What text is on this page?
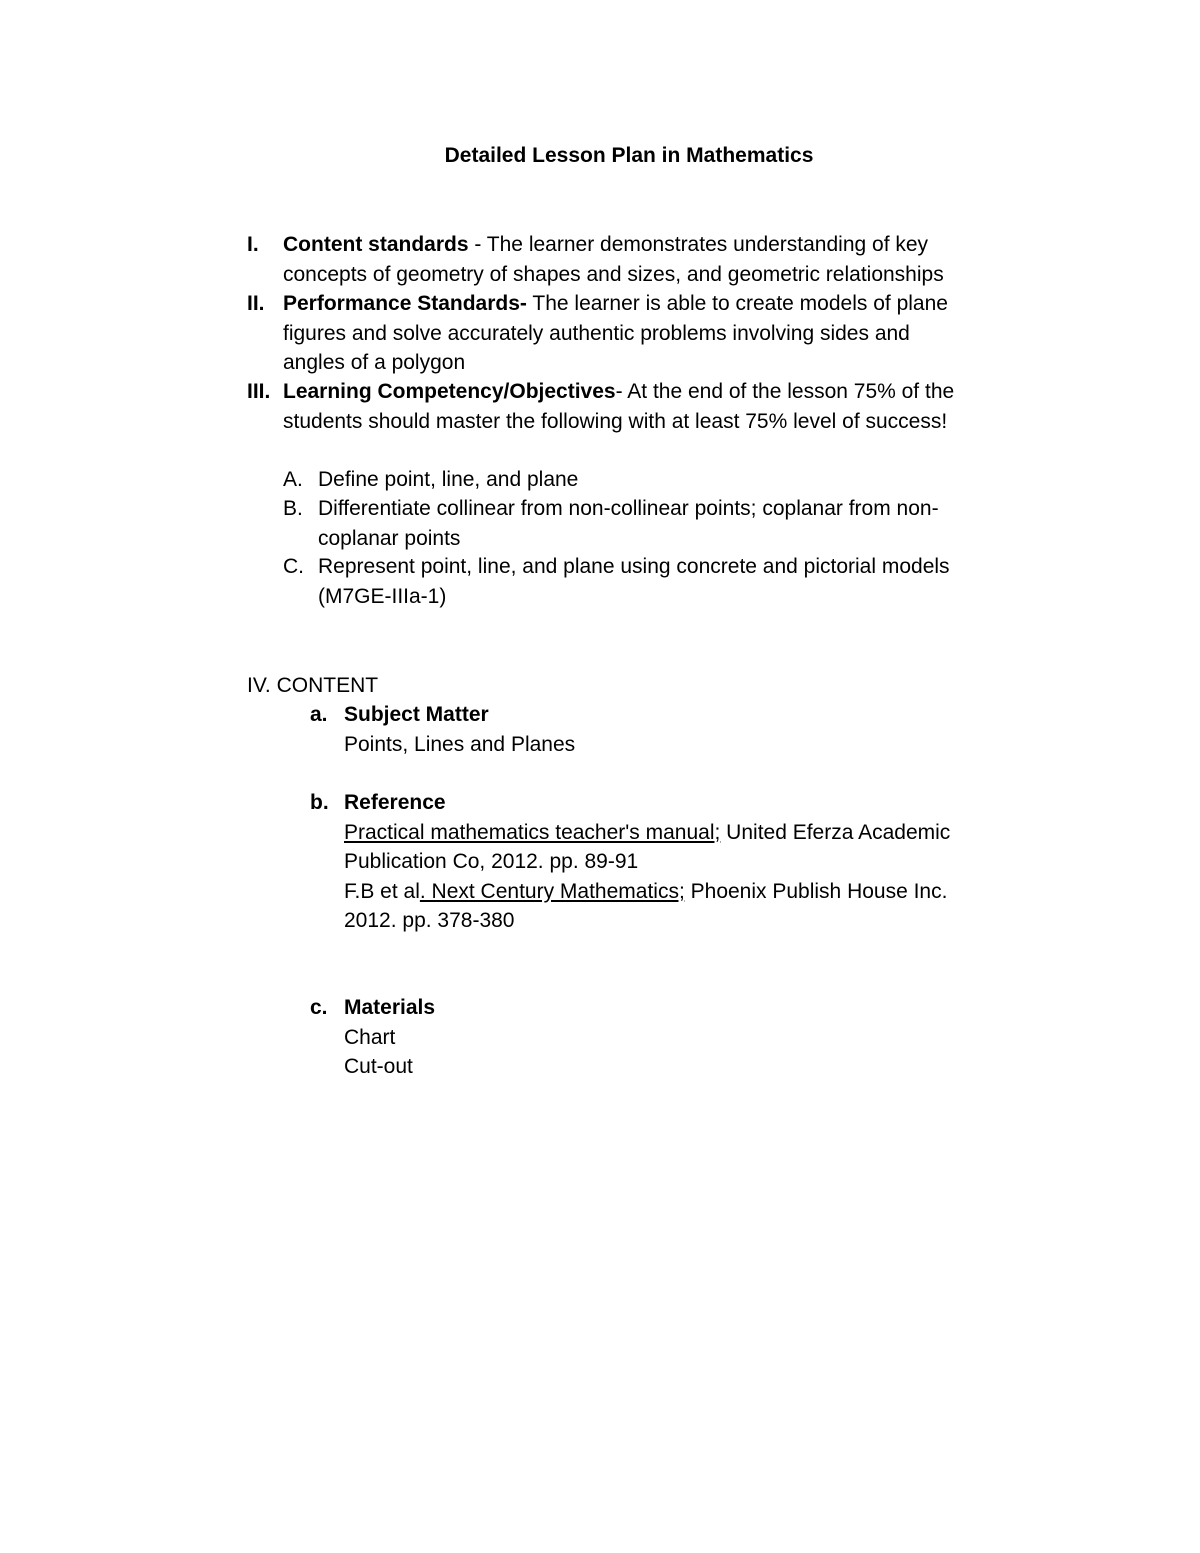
Detailed Lesson Plan in Mathematics
I. Content standards - The learner demonstrates understanding of key
concepts of geometry of shapes and sizes, and geometric relationships
II. Performance Standards- The learner is able to create models of plane
figures and solve accurately authentic problems involving sides and
angles of a polygon
III. Learning Competency/Objectives- At the end of the lesson 75% of the
students should master the following with at least 75% level of success!
A. Define point, line, and plane
B. Differentiate collinear from non-collinear points; coplanar from non-
coplanar points
C. Represent point, line, and plane using concrete and pictorial models
(M7GE-IIIa-1)
IV. CONTENT
a. Subject Matter
Points, Lines and Planes
b. Reference
Practical mathematics teacher's manual; United Eferza Academic
Publication Co, 2012. pp. 89-91
F.B et al. Next Century Mathematics; Phoenix Publish House Inc.
2012. pp. 378-380
c. Materials
Chart
Cut-out
